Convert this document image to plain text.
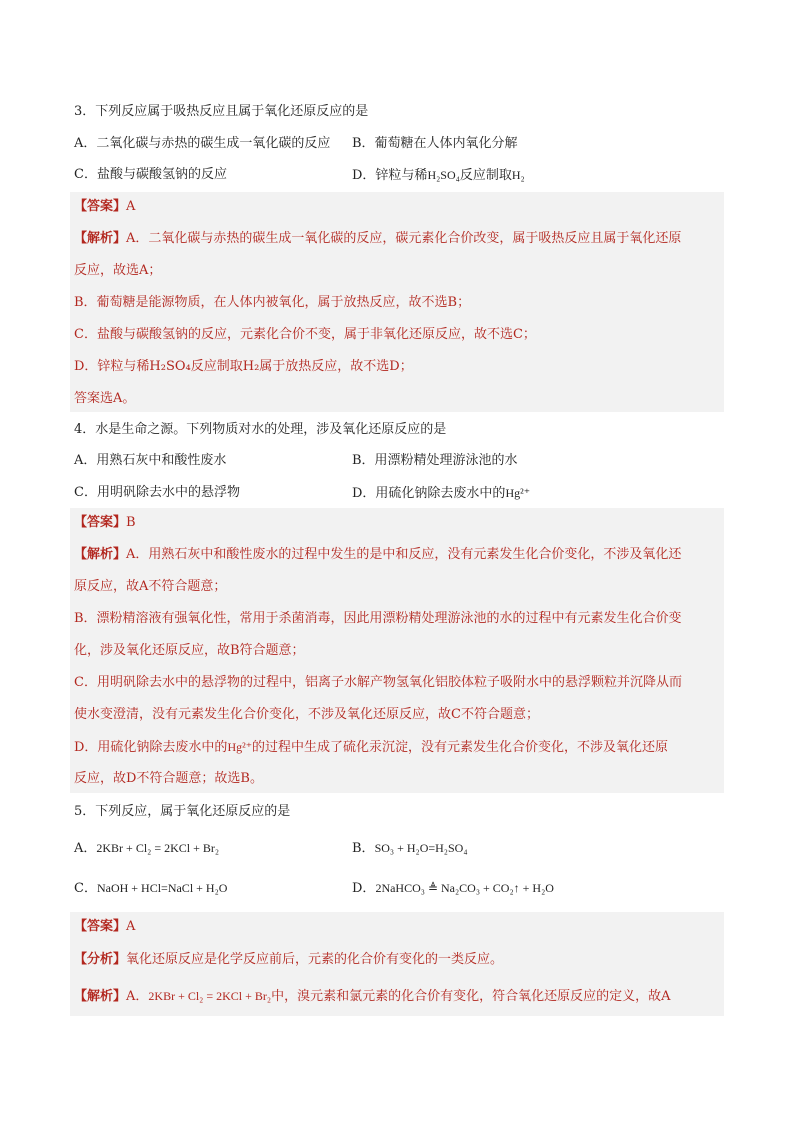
3．下列反应属于吸热反应且属于氧化还原反应的是
A．二氧化碳与赤热的碳生成一氧化碳的反应 B．葡萄糖在人体内氧化分解
C．盐酸与碳酸氢钠的反应	D．锌粒与稀H₂SO₄反应制取H₂
【答案】A
【解析】A．二氧化碳与赤热的碳生成一氧化碳的反应，碳元素化合价改变，属于吸热反应且属于氧化还原
反应，故选A；
B．葡萄糖是能源物质，在人体内被氧化，属于放热反应，故不选B；
C．盐酸与碳酸氢钠的反应，元素化合价不变，属于非氧化还原反应，故不选C；
D．锌粒与稀H₂SO₄反应制取H₂属于放热反应，故不选D；
答案选A。
4．水是生命之源。下列物质对水的处理，涉及氧化还原反应的是
A．用熟石灰中和酸性废水	B．用漂粉精处理游泳池的水
C．用明矾除去水中的悬浮物	D．用硫化钠除去废水中的Hg²⁺
【答案】B
【解析】A．用熟石灰中和酸性废水的过程中发生的是中和反应，没有元素发生化合价变化，不涉及氧化还
原反应，故A不符合题意；
B．漂粉精溶液有强氧化性，常用于杀菌消毒，因此用漂粉精处理游泳池的水的过程中有元素发生化合价变
化，涉及氧化还原反应，故B符合题意；
C．用明矾除去水中的悬浮物的过程中，铝离子水解产物氢氧化铝胶体粒子吸附水中的悬浮颗粒并沉降从而
使水变澄清，没有元素发生化合价变化，不涉及氧化还原反应，故C不符合题意；
D．用硫化钠除去废水中的Hg²⁺的过程中生成了硫化汞沉淀，没有元素发生化合价变化，不涉及氧化还原
反应，故D不符合题意；故选B。
5．下列反应，属于氧化还原反应的是
A．2KBr + Cl₂ = 2KCl + Br₂	B．SO₃ + H₂O=H₂SO₄
C．NaOH + HCl=NaCl + H₂O	D．2NaHCO₃ ≜ Na₂CO₃ + CO₂↑ + H₂O
【答案】A
【分析】氧化还原反应是化学反应前后，元素的化合价有变化的一类反应。
【解析】A．2KBr + Cl₂ = 2KCl + Br₂中，溴元素和氯元素的化合价有变化，符合氧化还原反应的定义，故A
